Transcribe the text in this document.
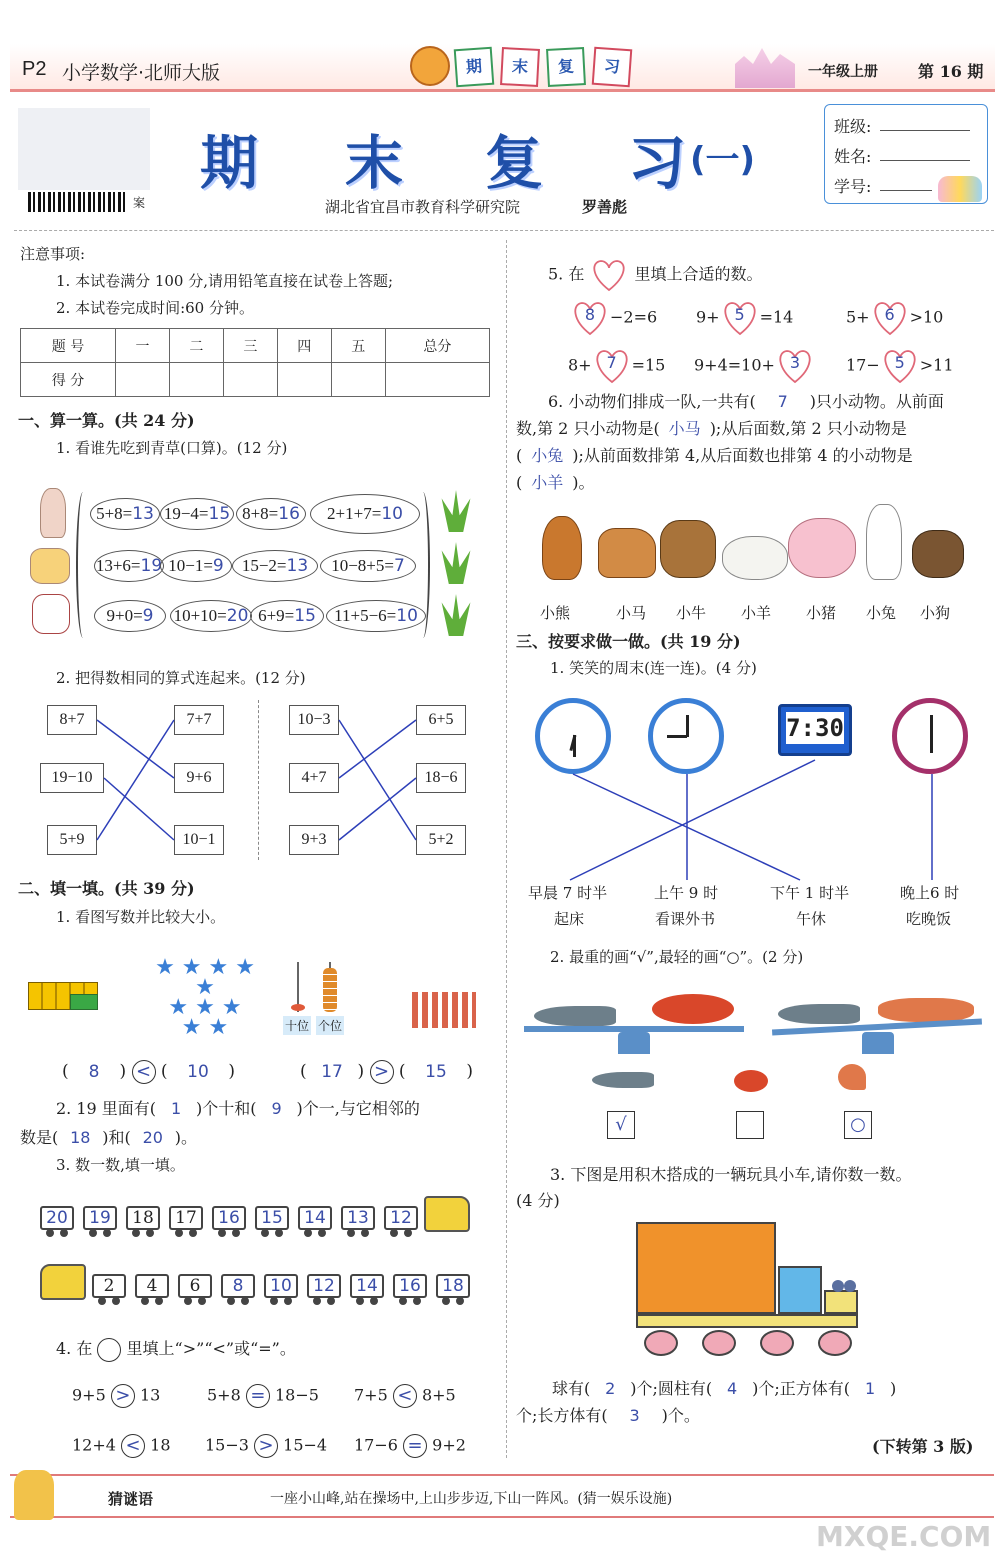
P2 小学数学·北师大版	期	末	复	习	一年级上册	第 16 期
案
期 末 复 习 (一)
湖北省宜昌市教育科学研究院	罗善彪
班级:
姓名:
学号:
注意事项:
1. 本试卷满分 100 分,请用铅笔直接在试卷上答题;
2. 本试卷完成时间:60 分钟。
题 号	一	二	三	四	五	总分
得 分						
一、算一算。(共 24 分)
1. 看谁先吃到青草(口算)。(12 分)
5+8=13 19−4=15 8+8=16	2+1+7=10
13+6=19 10−1=9	15−2=13	10−8+5=7
9+0=9	10+10=20 6+9=15	11+5−6=10
2. 把得数相同的算式连起来。(12 分)
8+7
19−10
5+9
7+7
9+6
10−1
10−3
4+7
9+3
6+5
18−6
5+2
二、填一填。(共 39 分)
1. 看图写数并比较大小。
★ ★ ★ ★ ★
★ ★ ★
★ ★	十位 个位
( 8 ) < ( 10 )	( 17 ) > ( 15 )
2. 19 里面有( 1 )个十和( 9 )个一,与它相邻的
数是( 18 )和( 20 )。
3. 数一数,填一填。
20 19 18 17 16 15 14 13 12
2 4 6 8 10 12 14 16 18
4. 在 里填上“>”“<”或“=”。
9+5 > 13	5+8 = 18−5 7+5 < 8+5
12+4 < 18 15−3 > 15−4 17−6 = 9+2
5. 在	里填上合适的数。
8 −2=6 9+ 5 =14	5+ 6 >10
8+ 7 =15 9+4=10+ 3	17− 5 >11
6. 小动物们排成一队,一共有( 7 )只小动物。从前面
数,第 2 只小动物是( 小马 );从后面数,第 2 只小动物是
( 小兔 );从前面数排第 4,从后面数也排第 4 的小动物是
( 小羊 )。
小熊	小马 小牛 小羊 小猪 小兔 小狗
三、按要求做一做。(共 19 分)
1. 笑笑的周末(连一连)。(4 分)
7:30
早晨 7 时半
起床
上午 9 时
看课外书
下午 1 时半
午休
晚上6 时
吃晚饭
2. 最重的画“√”,最轻的画“○”。(2 分)
√	○
3. 下图是用积木搭成的一辆玩具小车,请你数一数。
(4 分)
球有( 2 )个;圆柱有( 4 )个;正方体有( 1 )
个;长方体有( 3 )个。
(下转第 3 版)
猜谜语	一座小山峰,站在操场中,上山步步迈,下山一阵风。(猜一娱乐设施)
MXQE.COM
